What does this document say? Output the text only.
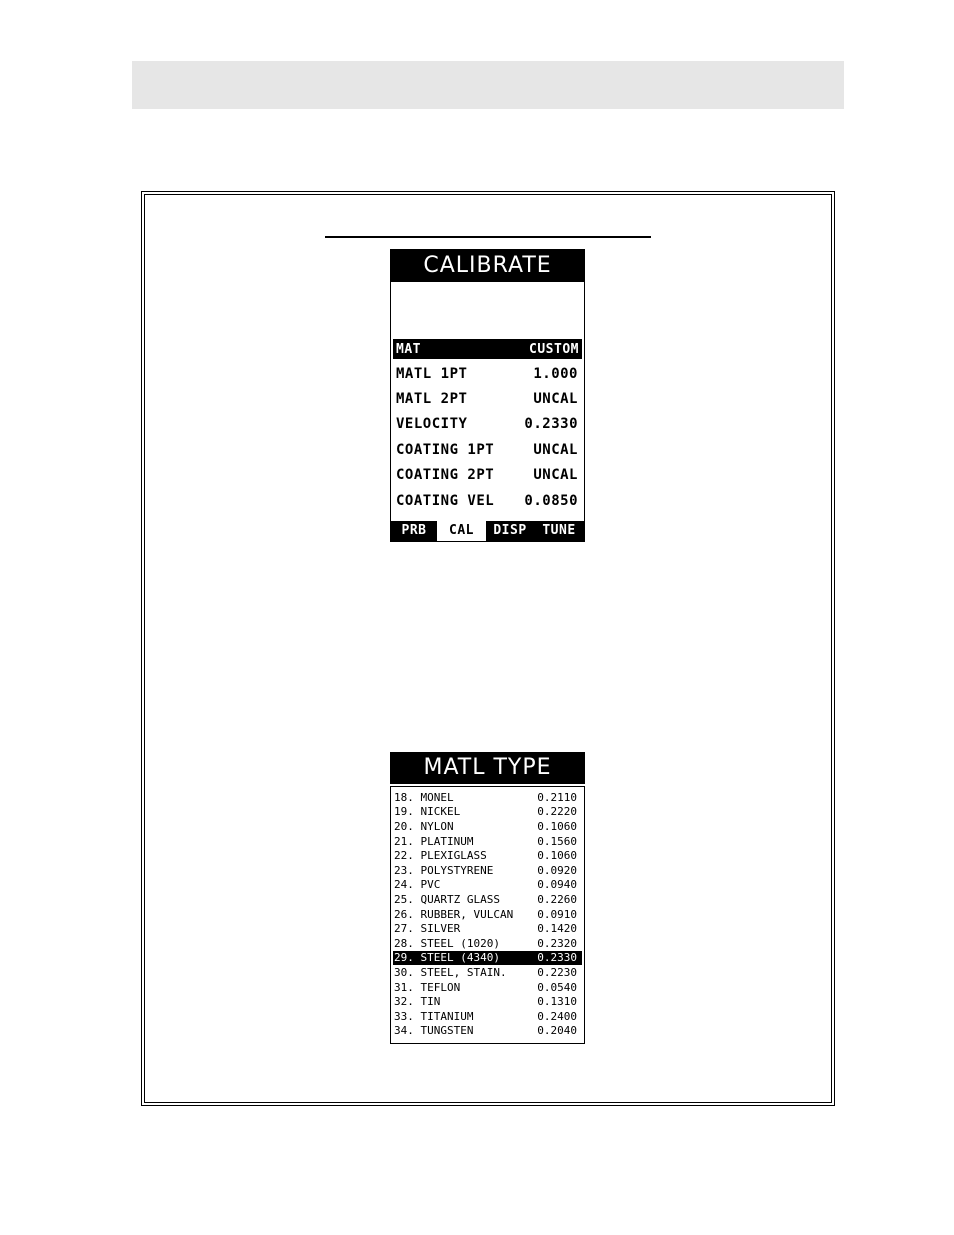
CALIBRATE
MAT	CUSTOM
MATL 1PT	1.000
MATL 2PT	UNCAL
VELOCITY	0.2330
COATING 1PT	UNCAL
COATING 2PT	UNCAL
COATING VEL 0.0850
PRB	CAL	DISP	TUNE
MATL TYPE
18. MONEL	0.2110
19. NICKEL	0.2220
20. NYLON	0.1060
21. PLATINUM	0.1560
22. PLEXIGLASS	0.1060
23. POLYSTYRENE	0.0920
24. PVC	0.0940
25. QUARTZ GLASS	0.2260
26. RUBBER, VULCAN 0.0910
27. SILVER	0.1420
28. STEEL (1020)	0.2320
29. STEEL (4340)	0.2330
30. STEEL, STAIN.	0.2230
31. TEFLON	0.0540
32. TIN	0.1310
33. TITANIUM	0.2400
34. TUNGSTEN	0.2040
